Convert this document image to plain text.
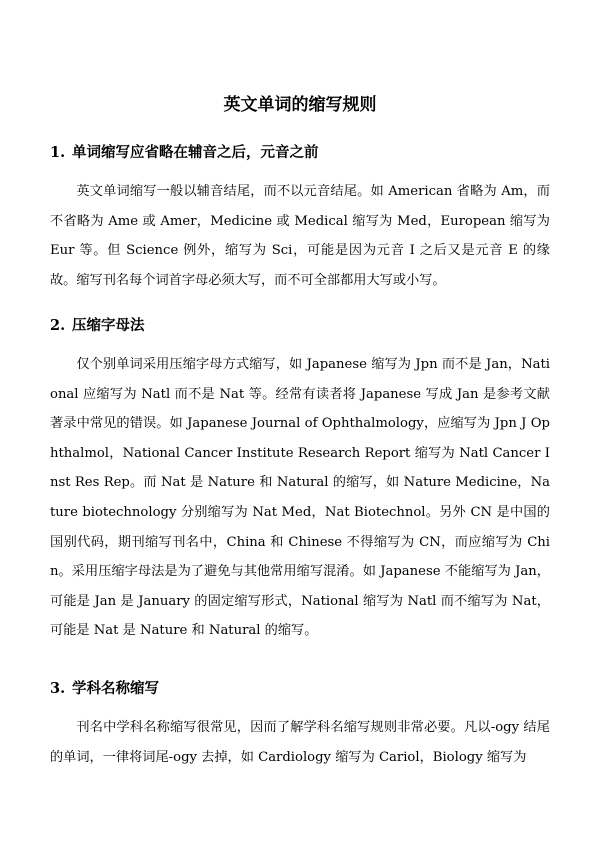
英文单词的缩写规则
1. 单词缩写应省略在辅音之后，元音之前

英文单词缩写一般以辅音结尾，而不以元音结尾。如 American 省略为 Am，而不省略为 Ame 或 Amer，Medicine 或 Medical 缩写为 Med，European 缩写为 Eur 等。但 Science 例外，缩写为 Sci，可能是因为元音 I 之后又是元音 E 的缘故。缩写刊名每个词首字母必须大写，而不可全部都用大写或小写。

2. 压缩字母法

仅个别单词采用压缩字母方式缩写，如 Japanese 缩写为 Jpn 而不是 Jan，National 应缩写为 Natl 而不是 Nat 等。经常有读者将 Japanese 写成 Jan 是参考文献著录中常见的错误。如 Japanese Journal of Ophthalmology，应缩写为 Jpn J Ophthalmol，National Cancer Institute Research Report 缩写为 Natl Cancer Inst Res Rep。而 Nat 是 Nature 和 Natural 的缩写，如 Nature Medicine，Nature biotechnology 分别缩写为 Nat Med，Nat Biotechnol。另外 CN 是中国的国别代码，期刊缩写刊名中，China 和 Chinese 不得缩写为 CN，而应缩写为 Chin。采用压缩字母法是为了避免与其他常用缩写混淆。如 Japanese 不能缩写为 Jan，可能是 Jan 是 January 的固定缩写形式，National 缩写为 Natl 而不缩写为 Nat，可能是 Nat 是 Nature 和 Natural 的缩写。

3. 学科名称缩写

刊名中学科名称缩写很常见，因而了解学科名缩写规则非常必要。凡以-ogy 结尾的单词，一律将词尾-ogy 去掉，如 Cardiology 缩写为 Cariol，Biology 缩写为
